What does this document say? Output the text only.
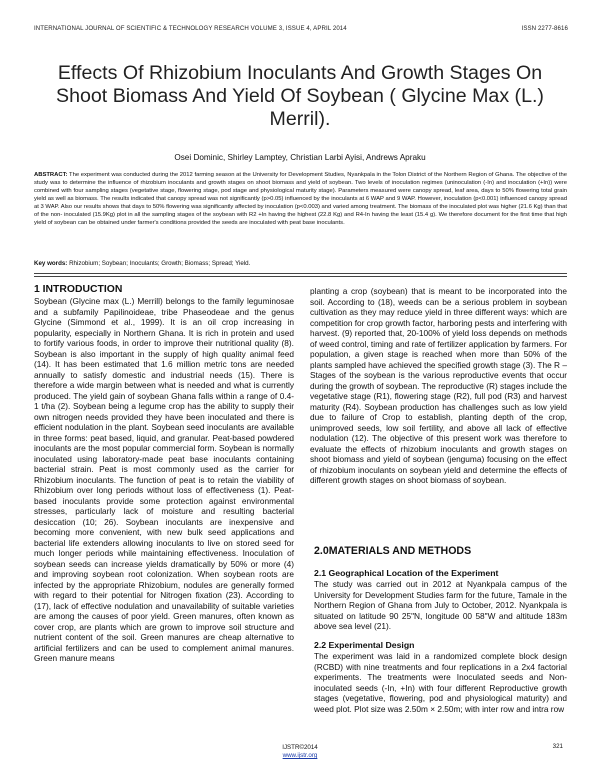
INTERNATIONAL JOURNAL OF SCIENTIFIC & TECHNOLOGY RESEARCH VOLUME 3, ISSUE 4, APRIL 2014	ISSN 2277-8616
Effects Of Rhizobium Inoculants And Growth Stages On Shoot Biomass And Yield Of Soybean ( Glycine Max (L.) Merril).
Osei Dominic, Shirley Lamptey, Christian Larbi Ayisi, Andrews Apraku
ABSTRACT: The experiment was conducted during the 2012 farming season at the University for Development Studies, Nyankpala in the Tolon District of the Northern Region of Ghana. The objective of the study was to determine the influence of rhizobium inoculants and growth stages on shoot biomass and yield of soybean. Two levels of inoculation regimes (uninoculation (-In) and inoculation (+In)) were combined with four sampling stages (vegetative stage, flowering stage, pod stage and physiological maturity stage). Parameters measured were canopy spread, leaf area, days to 50% flowering total grain yield as well as biomass. The results indicated that canopy spread was not significantly (p>0.05) influenced by the inoculants at 6 WAP and 9 WAP. However, inoculation (p<0.001) influenced canopy spread at 3 WAP. Also our results shows that days to 50% flowering was significantly affected by inoculation (p<0.003) and varied among treatment. The biomass of the inoculated plot was higher (21.6 Kg) than that of the non- inoculated (15.9Kg) plot in all the sampling stages of the soybean with R2 +In having the highest (22.8 Kg) and R4-In having the least (15.4 g). We therefore document for the first time that high yield of soybean can be obtained under farmer's conditions provided the seeds are inoculated with peat base inoculants.
Key words: Rhizobium; Soybean; Inoculants; Growth; Biomass; Spread; Yield.
1 INTRODUCTION

Soybean (Glycine max (L.) Merrill) belongs to the family leguminosae and a subfamily Papilinoideae, tribe Phaseodeae and the genus Glycine (Simmond et al., 1999). It is an oil crop increasing in popularity, especially in Northern Ghana. It is rich in protein and used to fortify various foods, in order to improve their nutritional quality (8). Soybean is also important in the supply of high quality animal feed (14). It has been estimated that 1.6 million metric tons are needed annually to satisfy domestic and industrial needs (15). There is therefore a wide margin between what is needed and what is currently produced. The yield gain of soybean Ghana falls within a range of 0.4-1 t/ha (2). Soybean being a legume crop has the ability to supply their own nitrogen needs provided they have been inoculated and there is efficient nodulation in the plant. Soybean seed inoculants are available in three forms: peat based, liquid, and granular. Peat-based powdered inoculants are the most popular commercial form. Soybean is normally inoculated using laboratory-made peat base inoculants containing bacterial strain. Peat is most commonly used as the carrier for Rhizobium inoculants. The function of peat is to retain the viability of Rhizobium over long periods without loss of effectiveness (1). Peat-based inoculants provide some protection against environmental stresses, particularly lack of moisture and resulting bacterial desiccation (10; 26). Soybean inoculants are inexpensive and becoming more convenient, with new bulk seed applications and bacterial life extenders allowing inoculants to live on stored seed for much longer periods while maintaining effectiveness. Inoculation of soybean seeds can increase yields dramatically by 50% or more (4) and improving soybean root colonization. When soybean roots are infected by the appropriate Rhizobium, nodules are generally formed with regard to their potential for Nitrogen fixation (23). According to (17), lack of effective nodulation and unavailability of suitable varieties are among the causes of poor yield. Green manures, often known as cover crop, are plants which are grown to improve soil structure and nutrient content of the soil. Green manures are cheap alternative to artificial fertilizers and can be used to complement animal manures. Green manure means

planting a crop (soybean) that is meant to be incorporated into the soil. According to (18), weeds can be a serious problem in soybean cultivation as they may reduce yield in three different ways: which are competition for crop growth factor, harboring pests and interfering with harvest. (9) reported that, 20-100% of yield loss depends on methods of weed control, timing and rate of fertilizer application by farmers. For population, a given stage is reached when more than 50% of the plants sampled have achieved the specified growth stage (3). The R –Stages of the soybean is the various reproductive events that occur during the growth of soybean. The reproductive (R) stages include the vegetative stage (R1), flowering stage (R2), full pod (R3) and harvest maturity (R4). Soybean production has challenges such as low yield due to failure of Crop to establish, planting depth of the crop, unimproved seeds, low soil fertility, and above all lack of effective nodulation (12). The objective of this present work was therefore to evaluate the effects of rhizobium inoculants and growth stages on shoot biomass and yield of soybean (jenguma) focusing on the effect of rhizobium inoculants on soybean yield and determine the effects of different growth stages on shoot biomass of soybean.

2.0MATERIALS AND METHODS
2.1 Geographical Location of the Experiment

The study was carried out in 2012 at Nyankpala campus of the University for Development Studies farm for the future, Tamale in the Northern Region of Ghana from July to October, 2012. Nyankpala is situated on latitude 90 25"N, longitude 00 58"W and altitude 183m above sea level (21).

2.2 Experimental Design

The experiment was laid in a randomized complete block design (RCBD) with nine treatments and four replications in a 2x4 factorial experiments. The treatments were Inoculated seeds and Non-inoculated seeds (-In, +In) with four different Reproductive growth stages (vegetative, flowering, pod and physiological maturity) and weed plot. Plot size was 2.50m × 2.50m; with inter row and intra row

IJSTR©2014
www.ijstr.org
321
